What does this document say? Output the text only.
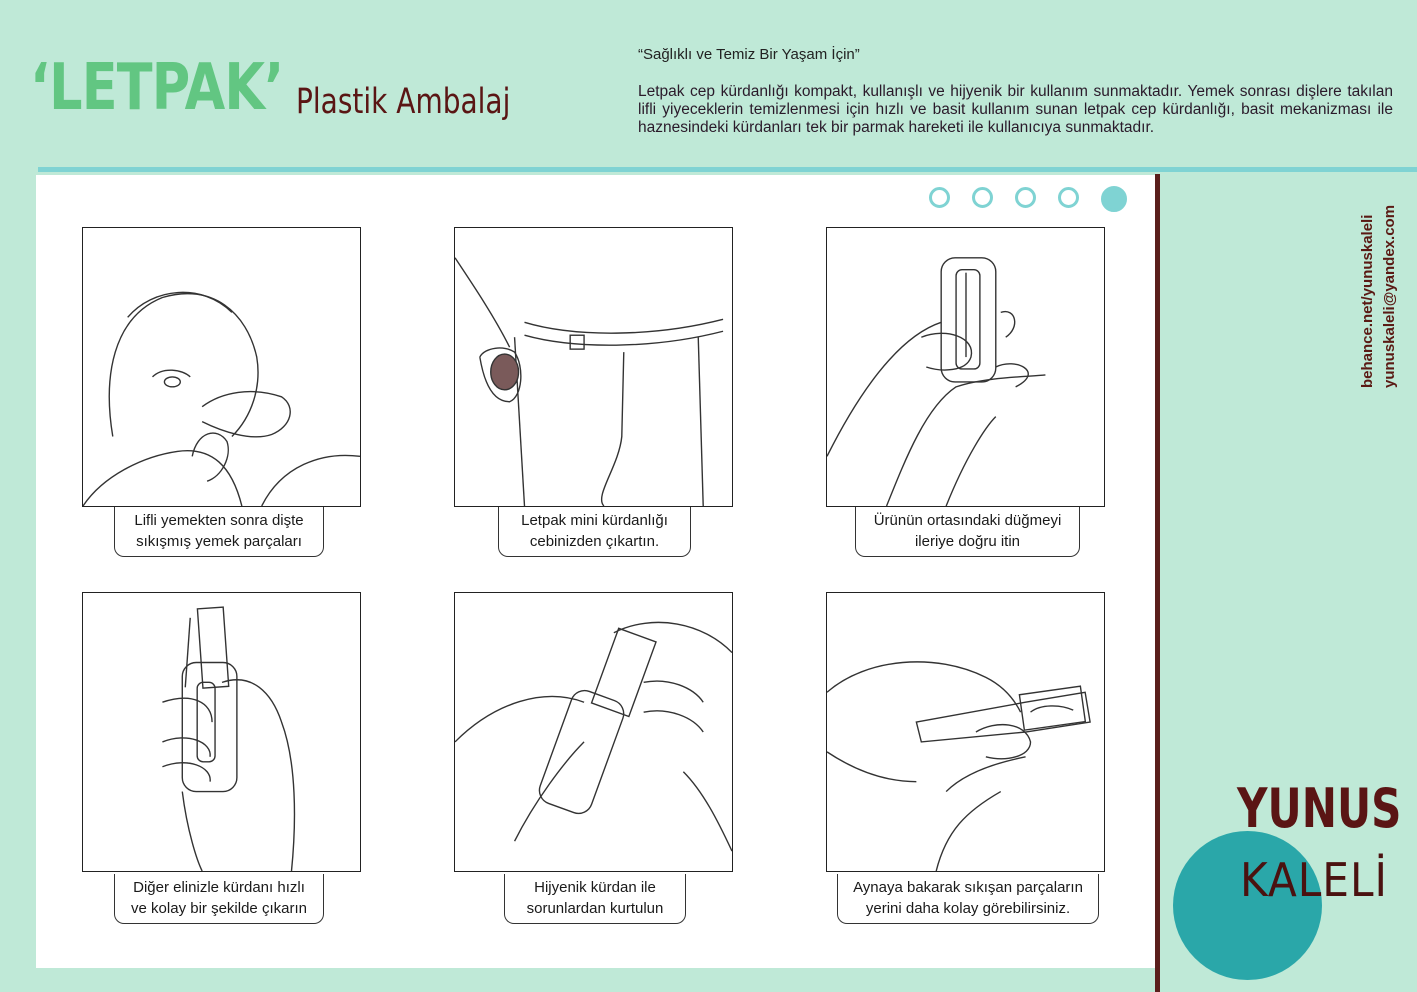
‘LETPAK’ Plastik Ambalaj
“Sağlıklı ve Temiz Bir Yaşam İçin”
Letpak cep kürdanlığı kompakt, kullanışlı ve hijyenik bir kullanım sunmaktadır. Yemek sonrası dişlere takılan lifli yiyeceklerin temizlenmesi için hızlı ve basit kullanım sunan letpak cep kürdanlığı, basit mekanizması ile haznesindeki kürdanları tek bir parmak hareketi ile kullanıcıya sunmaktadır.
Lifli yemekten sonra dişte
sıkışmış yemek parçaları
Letpak mini kürdanlığı
cebinizden çıkartın.
Ürünün ortasındaki düğmeyi
ileriye doğru itin
Diğer elinizle kürdanı hızlı
ve kolay bir şekilde çıkarın
Hijyenik kürdan ile
sorunlardan kurtulun
Aynaya bakarak sıkışan parçaların
yerini daha kolay görebilirsiniz.
behance.net/yunuskaleli yunuskaleli@yandex.com
YUNUS
KALELİ
